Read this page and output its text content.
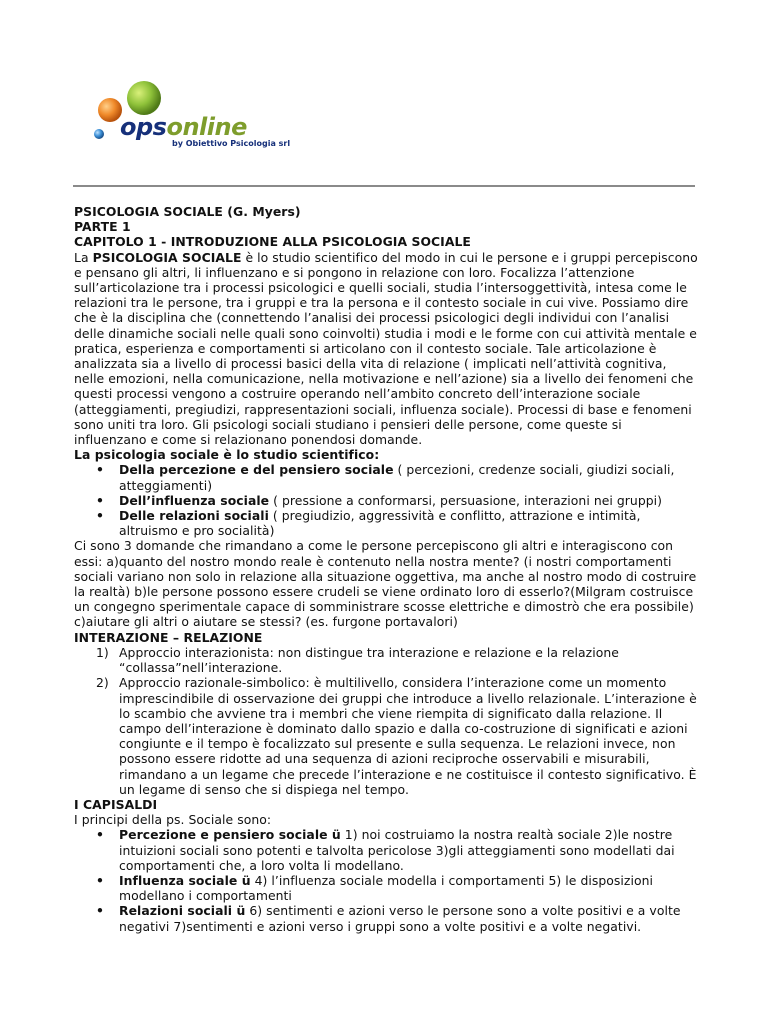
opsonline
by Obiettivo Psicologia srl

PSICOLOGIA SOCIALE (G. Myers)

PARTE 1

CAPITOLO 1 - INTRODUZIONE ALLA PSICOLOGIA SOCIALE

La PSICOLOGIA SOCIALE è lo studio scientifico del modo in cui le persone e i gruppi percepiscono e pensano gli altri, li influenzano e si pongono in relazione con loro. Focalizza l’attenzione sull’articolazione tra i processi psicologici e quelli sociali, studia l’intersoggettività, intesa come le relazioni tra le persone, tra i gruppi e tra la persona e il contesto sociale in cui vive. Possiamo dire che è la disciplina che (connettendo l’analisi dei processi psicologici degli individui con l’analisi delle dinamiche sociali nelle quali sono coinvolti) studia i modi e le forme con cui attività mentale e pratica, esperienza e comportamenti si articolano con il contesto sociale. Tale articolazione è analizzata sia a livello di processi basici della vita di relazione ( implicati nell’attività cognitiva, nelle emozioni, nella comunicazione, nella motivazione e nell’azione) sia a livello dei fenomeni che questi processi vengono a costruire operando nell’ambito concreto dell’interazione sociale (atteggiamenti, pregiudizi, rappresentazioni sociali, influenza sociale). Processi di base e fenomeni sono uniti tra loro. Gli psicologi sociali studiano i pensieri delle persone, come queste si influenzano e come si relazionano ponendosi domande.

La psicologia sociale è lo studio scientifico:

• Della percezione e del pensiero sociale ( percezioni, credenze sociali, giudizi sociali, atteggiamenti)
• Dell’influenza sociale ( pressione a conformarsi, persuasione, interazioni nei gruppi)
• Delle relazioni sociali ( pregiudizio, aggressività e conflitto, attrazione e intimità, altruismo e pro socialità)

Ci sono 3 domande che rimandano a come le persone percepiscono gli altri e interagiscono con essi: a)quanto del nostro mondo reale è contenuto nella nostra mente? (i nostri comportamenti sociali variano non solo in relazione alla situazione oggettiva, ma anche al nostro modo di costruire la realtà) b)le persone possono essere crudeli se viene ordinato loro di esserlo?(Milgram costruisce un congegno sperimentale capace di somministrare scosse elettriche e dimostrò che era possibile) c)aiutare gli altri o aiutare se stessi? (es. furgone portavalori)

INTERAZIONE – RELAZIONE

1) Approccio interazionista: non distingue tra interazione e relazione e la relazione “collassa”nell’interazione.
2) Approccio razionale-simbolico: è multilivello, considera l’interazione come un momento imprescindibile di osservazione dei gruppi che introduce a livello relazionale. L’interazione è lo scambio che avviene tra i membri che viene riempita di significato dalla relazione. Il campo dell’interazione è dominato dallo spazio e dalla co-costruzione di significati e azioni congiunte e il tempo è focalizzato sul presente e sulla sequenza. Le relazioni invece, non possono essere ridotte ad una sequenza di azioni reciproche osservabili e misurabili, rimandano a un legame che precede l’interazione e ne costituisce il contesto significativo. È un legame di senso che si dispiega nel tempo.

I CAPISALDI

I principi della ps. Sociale sono:

• Percezione e pensiero sociale ü 1) noi costruiamo la nostra realtà sociale 2)le nostre intuizioni sociali sono potenti e talvolta pericolose 3)gli atteggiamenti sono modellati dai comportamenti che, a loro volta li modellano.
• Influenza sociale ü 4) l’influenza sociale modella i comportamenti 5) le disposizioni modellano i comportamenti
• Relazioni sociali ü 6) sentimenti e azioni verso le persone sono a volte positivi e a volte negativi 7)sentimenti e azioni verso i gruppi sono a volte positivi e a volte negativi.
